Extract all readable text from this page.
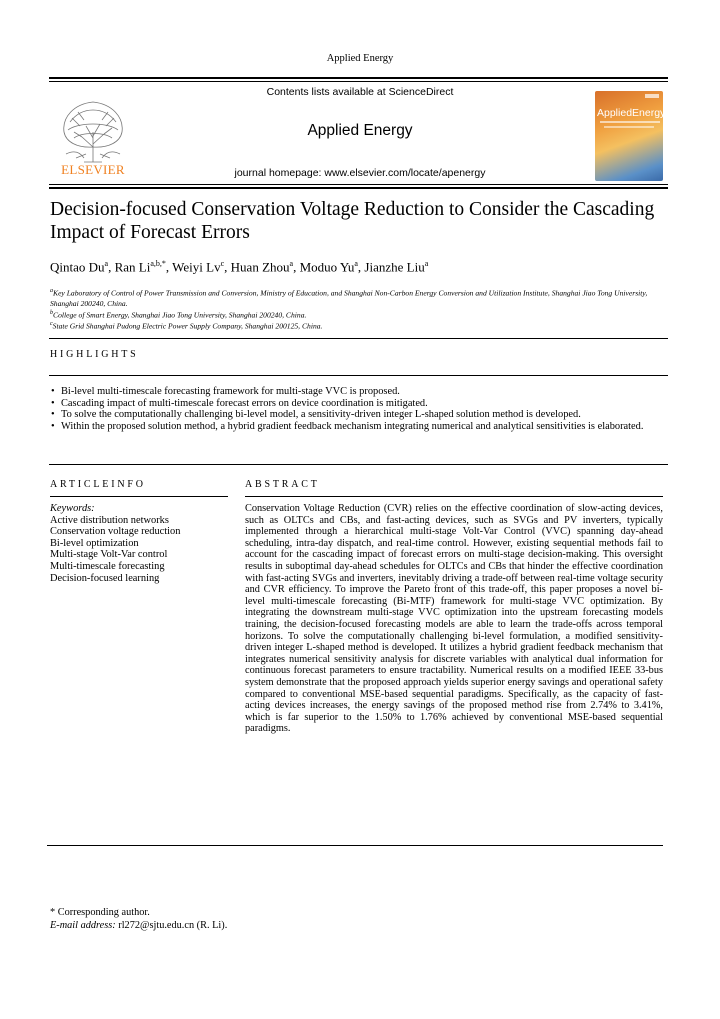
Applied Energy
ELSEVIER
Contents lists available at ScienceDirect
Applied Energy
journal homepage: www.elsevier.com/locate/apenergy
AppliedEnergy
Decision-focused Conservation Voltage Reduction to Consider the Cascading Impact of Forecast Errors
Qintao Du$^a$, Ran $Li^{a,b,*}$, Weiyi Lv$^c$, Huan Zhou$^a$, Moduo Yu$^a$, Jianzhe Liu$^a$
$^a$Key Laboratory of Control of Power Transmission and Conversion, Ministry of Education, and Shanghai Non-Carbon Energy Conversion and Utilization Institute, Shanghai Jiao Tong University, Shanghai 200240, China.
$^b$College of Smart Energy, Shanghai Jiao Tong University, Shanghai 200240, China.
$^c$State Grid Shanghai Pudong Electric Power Supply Company, Shanghai 200125, China.
HIGHLIGHTS
• Bi-level multi-timescale forecasting framework for multi-stage VVC is proposed.
• Cascading impact of multi-timescale forecast errors on device coordination is mitigated.
• To solve the computationally challenging bi-level model, a sensitivity-driven integer L-shaped solution method is developed.
• Within the proposed solution method, a hybrid gradient feedback mechanism integrating numerical and analytical sensitivities is elaborated.
ARTICLEINFO
Keywords:
Active distribution networks
Conservation voltage reduction
Bi-level optimization
Multi-stage Volt-Var control
Multi-timescale forecasting
Decision-focused learning
ABSTRACT
Conservation Voltage Reduction (CVR) relies on the effective coordination of slow-acting devices, such as OLTCs and CBs, and fast-acting devices, such as SVGs and PV inverters, typically implemented through a hierarchical multi-stage Volt-Var Control (VVC) spanning day-ahead scheduling, intra-day dispatch, and real-time control. However, existing sequential methods fail to account for the cascading impact of forecast errors on multi-stage decision-making. This oversight results in suboptimal day-ahead schedules for OLTCs and CBs that hinder the effective coordination with fast-acting SVGs and inverters, inevitably driving a trade-off between real-time voltage security and CVR efficiency. To improve the Pareto front of this trade-off, this paper proposes a novel bi-level multi-timescale forecasting (Bi-MTF) framework for multi-stage VVC optimization. By integrating the downstream multi-stage VVC optimization into the upstream forecasting models training, the decision-focused forecasting models are able to learn the trade-offs across temporal horizons. To solve the computationally challenging bi-level formulation, a modified sensitivity-driven integer L-shaped method is developed. It utilizes a hybrid gradient feedback mechanism that integrates numerical sensitivity analysis for discrete variables with analytical dual information for continuous forecast parameters to ensure tractability. Numerical results on a modified IEEE 33-bus system demonstrate that the proposed approach yields superior energy savings and operational safety compared to conventional MSE-based sequential paradigms. Specifically, as the capacity of fast-acting devices increases, the energy savings of the proposed method rise from 2.74% to 3.41%, which is far superior to the 1.50% to 1.76% achieved by conventional MSE-based sequential paradigms.
* Corresponding author.
E-mail address: rl272@sjtu.edu.cn (R. Li).
